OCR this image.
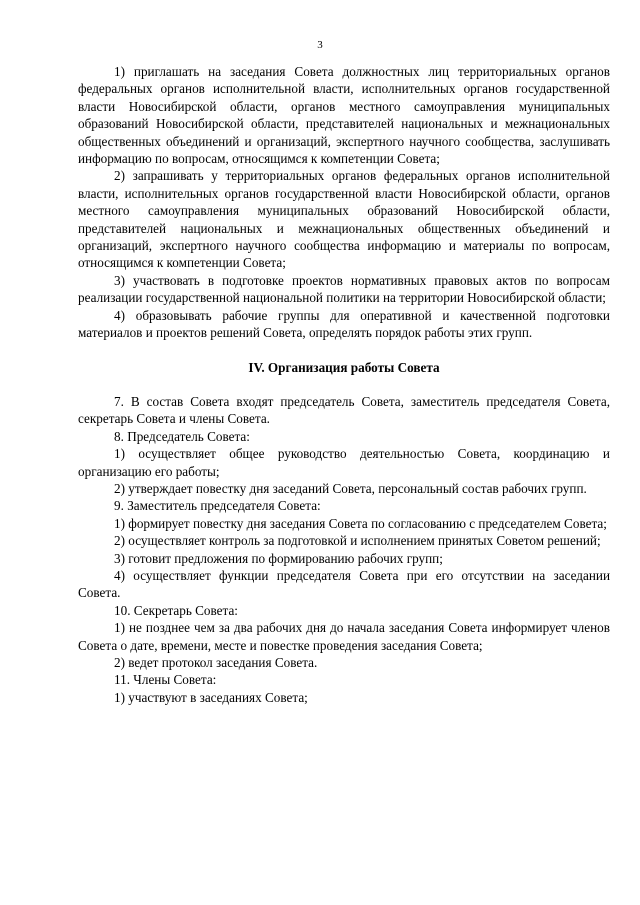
3

1) приглашать на заседания Совета должностных лиц территориальных органов федеральных органов исполнительной власти, исполнительных органов государственной власти Новосибирской области, органов местного самоуправления муниципальных образований Новосибирской области, представителей национальных и межнациональных общественных объединений и организаций, экспертного научного сообщества, заслушивать информацию по вопросам, относящимся к компетенции Совета;

2) запрашивать у территориальных органов федеральных органов исполнительной власти, исполнительных органов государственной власти Новосибирской области, органов местного самоуправления муниципальных образований Новосибирской области, представителей национальных и межнациональных общественных объединений и организаций, экспертного научного сообщества информацию и материалы по вопросам, относящимся к компетенции Совета;

3) участвовать в подготовке проектов нормативных правовых актов по вопросам реализации государственной национальной политики на территории Новосибирской области;

4) образовывать рабочие группы для оперативной и качественной подготовки материалов и проектов решений Совета, определять порядок работы этих групп.

IV. Организация работы Совета

7. В состав Совета входят председатель Совета, заместитель председателя Совета, секретарь Совета и члены Совета.

8. Председатель Совета:

1) осуществляет общее руководство деятельностью Совета, координацию и организацию его работы;

2) утверждает повестку дня заседаний Совета, персональный состав рабочих групп.

9. Заместитель председателя Совета:

1) формирует повестку дня заседания Совета по согласованию с председателем Совета;

2) осуществляет контроль за подготовкой и исполнением принятых Советом решений;

3) готовит предложения по формированию рабочих групп;

4) осуществляет функции председателя Совета при его отсутствии на заседании Совета.

10. Секретарь Совета:

1) не позднее чем за два рабочих дня до начала заседания Совета информирует членов Совета о дате, времени, месте и повестке проведения заседания Совета;

2) ведет протокол заседания Совета.

11. Члены Совета:

1) участвуют в заседаниях Совета;
